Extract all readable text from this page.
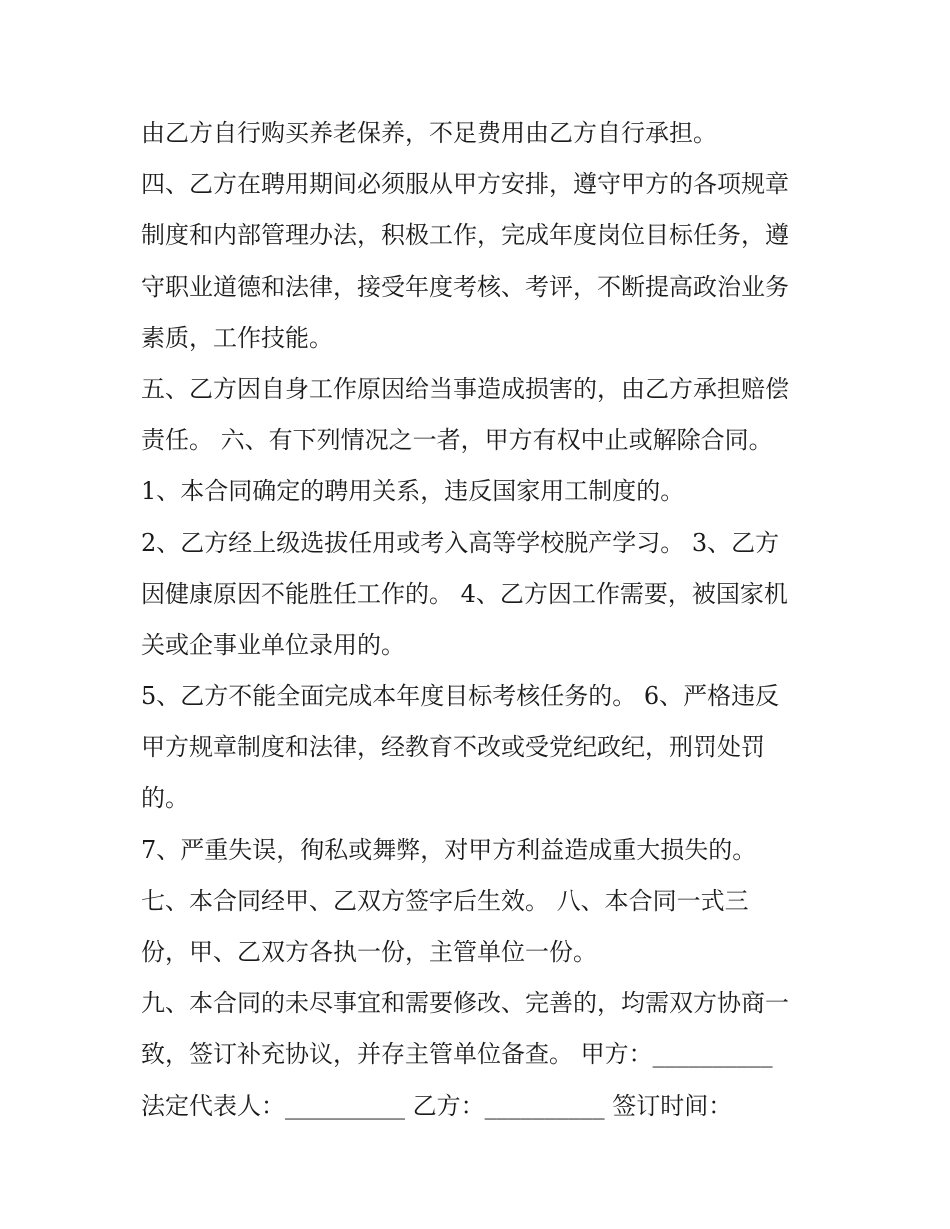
由乙方自行购买养老保养，不足费用由乙方自行承担。
四、乙方在聘用期间必须服从甲方安排，遵守甲方的各项规章
制度和内部管理办法，积极工作，完成年度岗位目标任务，遵
守职业道德和法律，接受年度考核、考评，不断提高政治业务
素质，工作技能。
五、乙方因自身工作原因给当事造成损害的，由乙方承担赔偿
责任。 六、有下列情况之一者，甲方有权中止或解除合同。
1、本合同确定的聘用关系，违反国家用工制度的。
2、乙方经上级选拔任用或考入高等学校脱产学习。 3、乙方
因健康原因不能胜任工作的。 4、乙方因工作需要，被国家机
关或企事业单位录用的。
5、乙方不能全面完成本年度目标考核任务的。 6、严格违反
甲方规章制度和法律，经教育不改或受党纪政纪，刑罚处罚
的。
7、严重失误，徇私或舞弊，对甲方利益造成重大损失的。
七、本合同经甲、乙双方签字后生效。 八、本合同一式三
份，甲、乙双方各执一份，主管单位一份。
九、本合同的未尽事宜和需要修改、完善的，均需双方协商一
致，签订补充协议，并存主管单位备查。 甲方：__________
法定代表人：__________ 乙方：__________ 签订时间：
